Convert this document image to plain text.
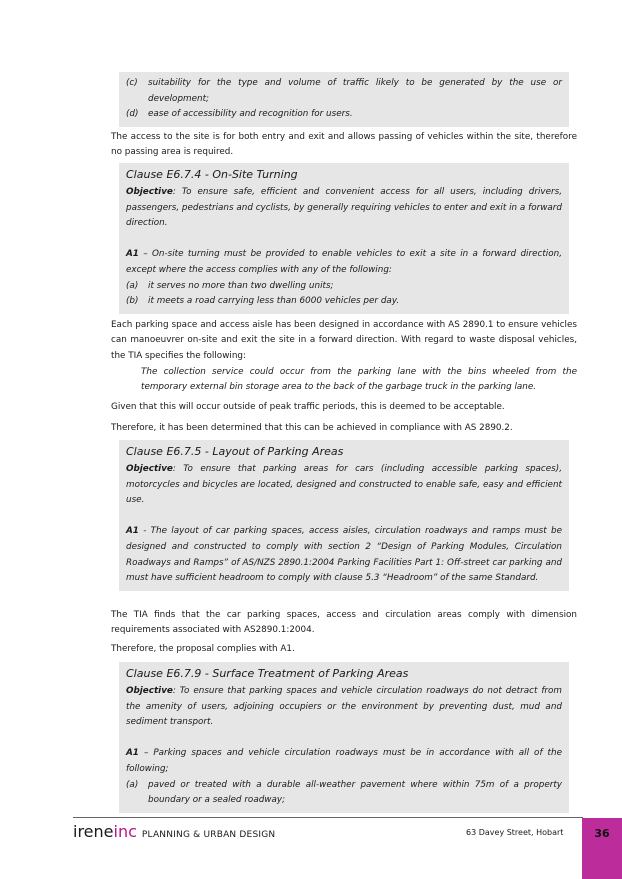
(c)	suitability for the type and volume of traffic likely to be generated by the use or development;
(d)	ease of accessibility and recognition for users.

The access to the site is for both entry and exit and allows passing of vehicles within the site, therefore no passing area is required.

Clause E6.7.4 - On-Site Turning

Objective: To ensure safe, efficient and convenient access for all users, including drivers, passengers, pedestrians and cyclists, by generally requiring vehicles to enter and exit in a forward direction.

A1 – On-site turning must be provided to enable vehicles to exit a site in a forward direction, except where the access complies with any of the following:

(a)	it serves no more than two dwelling units;
(b)	it meets a road carrying less than 6000 vehicles per day.

Each parking space and access aisle has been designed in accordance with AS 2890.1 to ensure vehicles can manoeuvrer on-site and exit the site in a forward direction. With regard to waste disposal vehicles, the TIA specifies the following:

The collection service could occur from the parking lane with the bins wheeled from the temporary external bin storage area to the back of the garbage truck in the parking lane.

Given that this will occur outside of peak traffic periods, this is deemed to be acceptable.

Therefore, it has been determined that this can be achieved in compliance with AS 2890.2.

Clause E6.7.5 - Layout of Parking Areas

Objective: To ensure that parking areas for cars (including accessible parking spaces), motorcycles and bicycles are located, designed and constructed to enable safe, easy and efficient use.

A1 - The layout of car parking spaces, access aisles, circulation roadways and ramps must be designed and constructed to comply with section 2 “Design of Parking Modules, Circulation Roadways and Ramps” of AS/NZS 2890.1:2004 Parking Facilities Part 1: Off-street car parking and must have sufficient headroom to comply with clause 5.3 “Headroom” of the same Standard.

The TIA finds that the car parking spaces, access and circulation areas comply with dimension requirements associated with AS2890.1:2004.

Therefore, the proposal complies with A1.

Clause E6.7.9 - Surface Treatment of Parking Areas

Objective: To ensure that parking spaces and vehicle circulation roadways do not detract from the amenity of users, adjoining occupiers or the environment by preventing dust, mud and sediment transport.

A1 – Parking spaces and vehicle circulation roadways must be in accordance with all of the following;

(a)	paved or treated with a durable all-weather pavement where within 75m of a property boundary or a sealed roadway;
ireneinc PLANNING & URBAN DESIGN	63 Davey Street, Hobart	36
